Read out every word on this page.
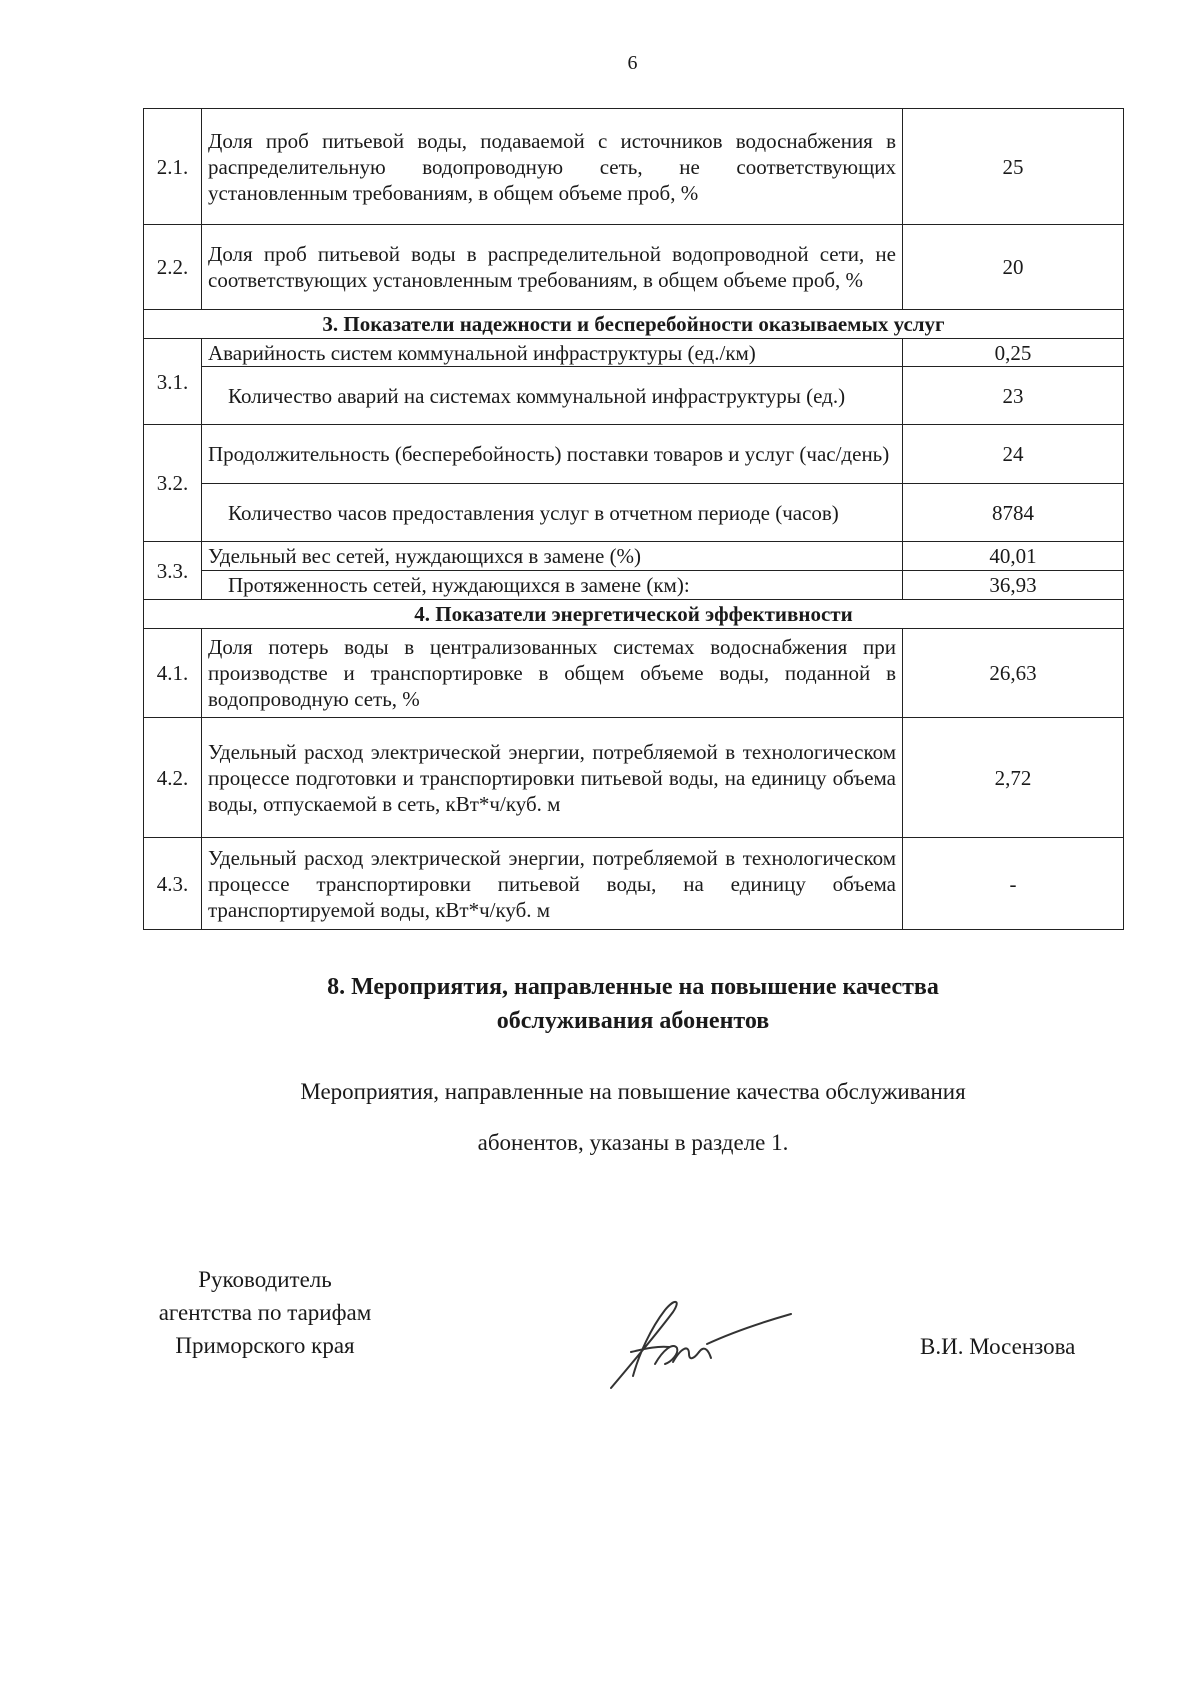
6
2.1.	Доля проб питьевой воды, подаваемой с источников водоснабжения в распределительную водопроводную сеть, не соответствующих установленным требованиям, в общем объеме проб, %	25
2.2.	Доля проб питьевой воды в распределительной водопроводной сети, не соответствующих установленным требованиям, в общем объеме проб, %	20
3. Показатели надежности и бесперебойности оказываемых услуг		
3.1.	Аварийность систем коммунальной инфраструктуры (ед./км)	0,25
	Количество аварий на системах коммунальной инфраструктуры (ед.)	23
3.2.	Продолжительность (бесперебойность) поставки товаров и услуг (час/день)	24
	Количество часов предоставления услуг в отчетном периоде (часов)	8784
3.3.	Удельный вес сетей, нуждающихся в замене (%)	40,01
	Протяженность сетей, нуждающихся в замене (км):	36,93
4. Показатели энергетической эффективности		
4.1.	Доля потерь воды в централизованных системах водоснабжения при производстве и транспортировке в общем объеме воды, поданной в водопроводную сеть, %	26,63
4.2.	Удельный расход электрической энергии, потребляемой в технологическом процессе подготовки и транспортировки питьевой воды, на единицу объема воды, отпускаемой в сеть, кВт*ч/куб. м	2,72
4.3.	Удельный расход электрической энергии, потребляемой в технологическом процессе транспортировки питьевой воды, на единицу объема транспортируемой воды, кВт*ч/куб. м	-
8. Мероприятия, направленные на повышение качества
обслуживания абонентов
Мероприятия, направленные на повышение качества обслуживания
абонентов, указаны в разделе 1.
Руководитель
агентства по тарифам
Приморского края	В.И. Мосензова
